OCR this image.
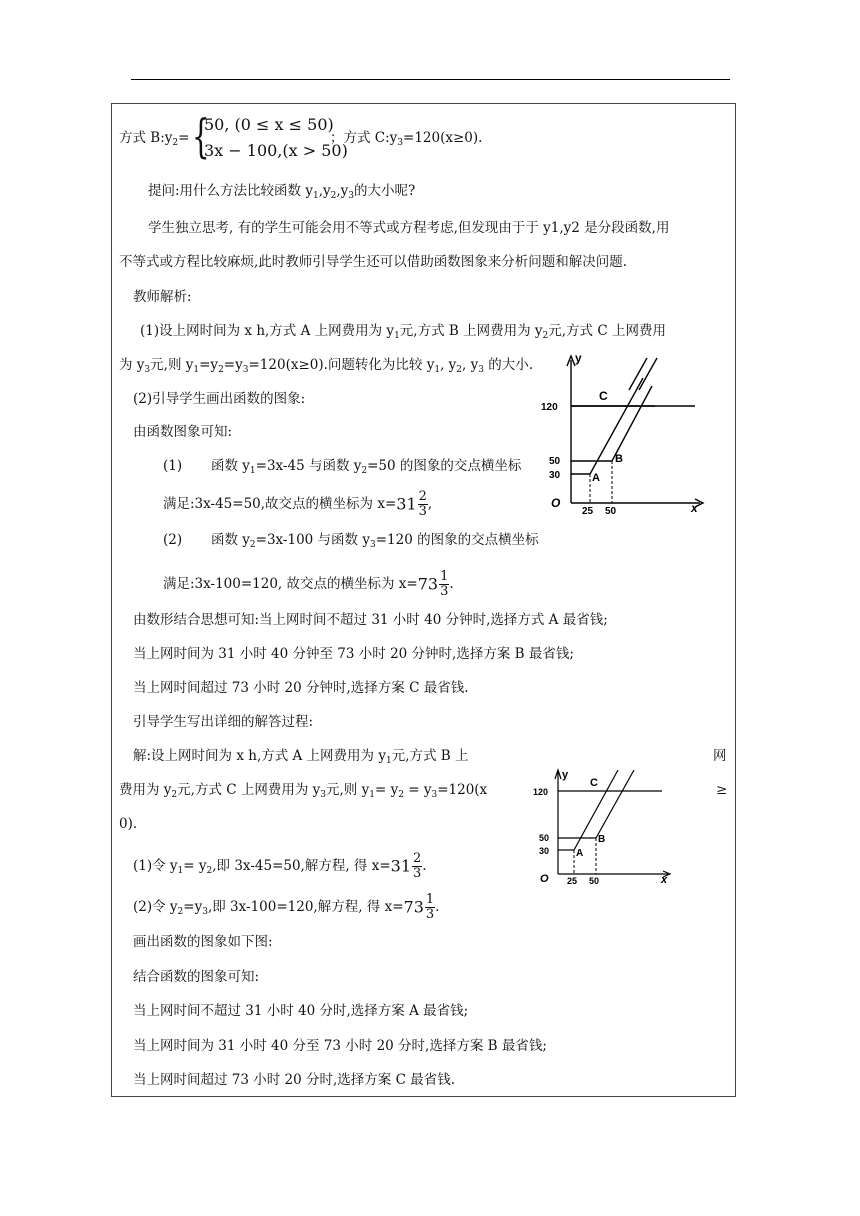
方式 $B:y_2=$ {
50, (0 ≤ x ≤ 50)
3x − 100,(x > 50)
；方式 $C:y_3=120(x\ge 0)$.
提问:用什么方法比较函数 $y_1,y_2,y_3$的大小呢?
学生独立思考, 有的学生可能会用不等式或方程考虑,但发现由于于 y1,y2 是分段函数,用
不等式或方程比较麻烦,此时教师引导学生还可以借助函数图象来分析问题和解决问题.
教师解析:
(1)设上网时间为 x h,方式 A 上网费用为 $y_1$元,方式 B 上网费用为 $y_2$元,方式 C 上网费用
为 $y_3$元,则 $y_1=y_2=y_3=120(x\ge 0)$.问题转化为比较 $y_1$, $y_2$, $y_3$ 的大小.
(2)引导学生画出函数的图象:
由函数图象可知:
(1) 函数 $y_1=3x-45$ 与函数 $y_2=50$ 的图象的交点横坐标
满足:3x-45=50,故交点的横坐标为 $x=31 \frac{2}{3}$ ,
(2) 函数 $y_2=3x-100$ 与函数 $y_3=120$ 的图象的交点横坐标
满足:3x-100=120, 故交点的横坐标为 $x=73 \frac{1}{3}$ .
由数形结合思想可知:当上网时间不超过 31 小时 40 分钟时,选择方式 A 最省钱;
当上网时间为 31 小时 40 分钟至 73 小时 20 分钟时,选择方案 B 最省钱;
当上网时间超过 73 小时 20 分钟时,选择方案 C 最省钱.
引导学生写出详细的解答过程:
解:设上网时间为 x h,方式 A 上网费用为 $y_1$元,方式 B 上	网
费用为 $y_2$元,方式 C 上网费用为 $y_3$元,则 $y_1= y_2 = y_3=120(x$	≥
0).
(1)令 $y_1= y_2$,即 3x-45=50,解方程, 得 $x=31 \frac{2}{3}$ .
(2)令 $y_2=y_3$,即 3x-100=120,解方程, 得 $x=73 \frac{1}{3}$ .
画出函数的图象如下图:
结合函数的图象可知:
当上网时间不超过 31 小时 40 分时,选择方案 A 最省钱;
当上网时间为 31 小时 40 分至 73 小时 20 分时,选择方案 B 最省钱;
当上网时间超过 73 小时 20 分时,选择方案 C 最省钱.
y
x
O
C
A
B
120
50
30
25 50
y
x
O
C
A
B
120
50
30
25 50
